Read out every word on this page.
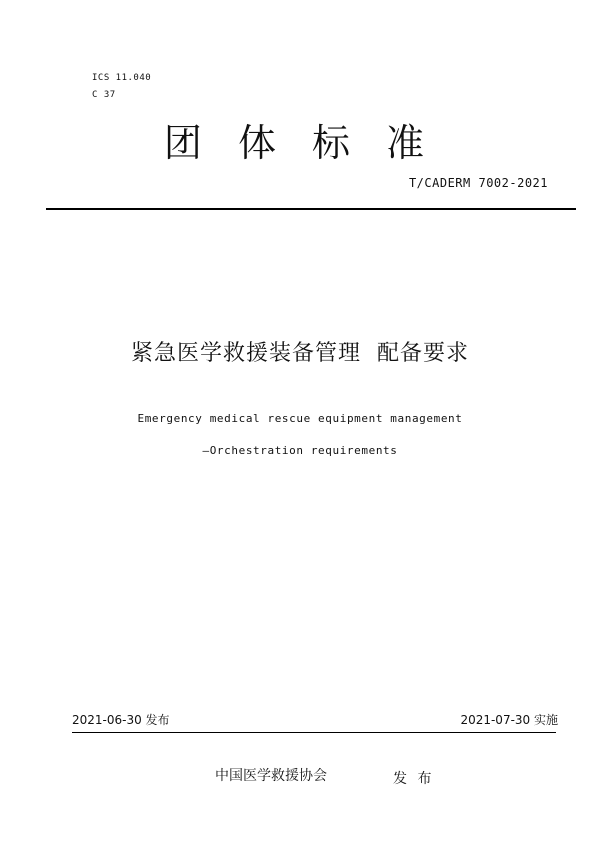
ICS 11.040
C 37
团 体 标 准
T/CADERM 7002-2021
紧急医学救援装备管理  配备要求
Emergency medical rescue equipment management
—Orchestration requirements
2021-06-30 发布	2021-07-30 实施
中国医学救援协会	发 布
